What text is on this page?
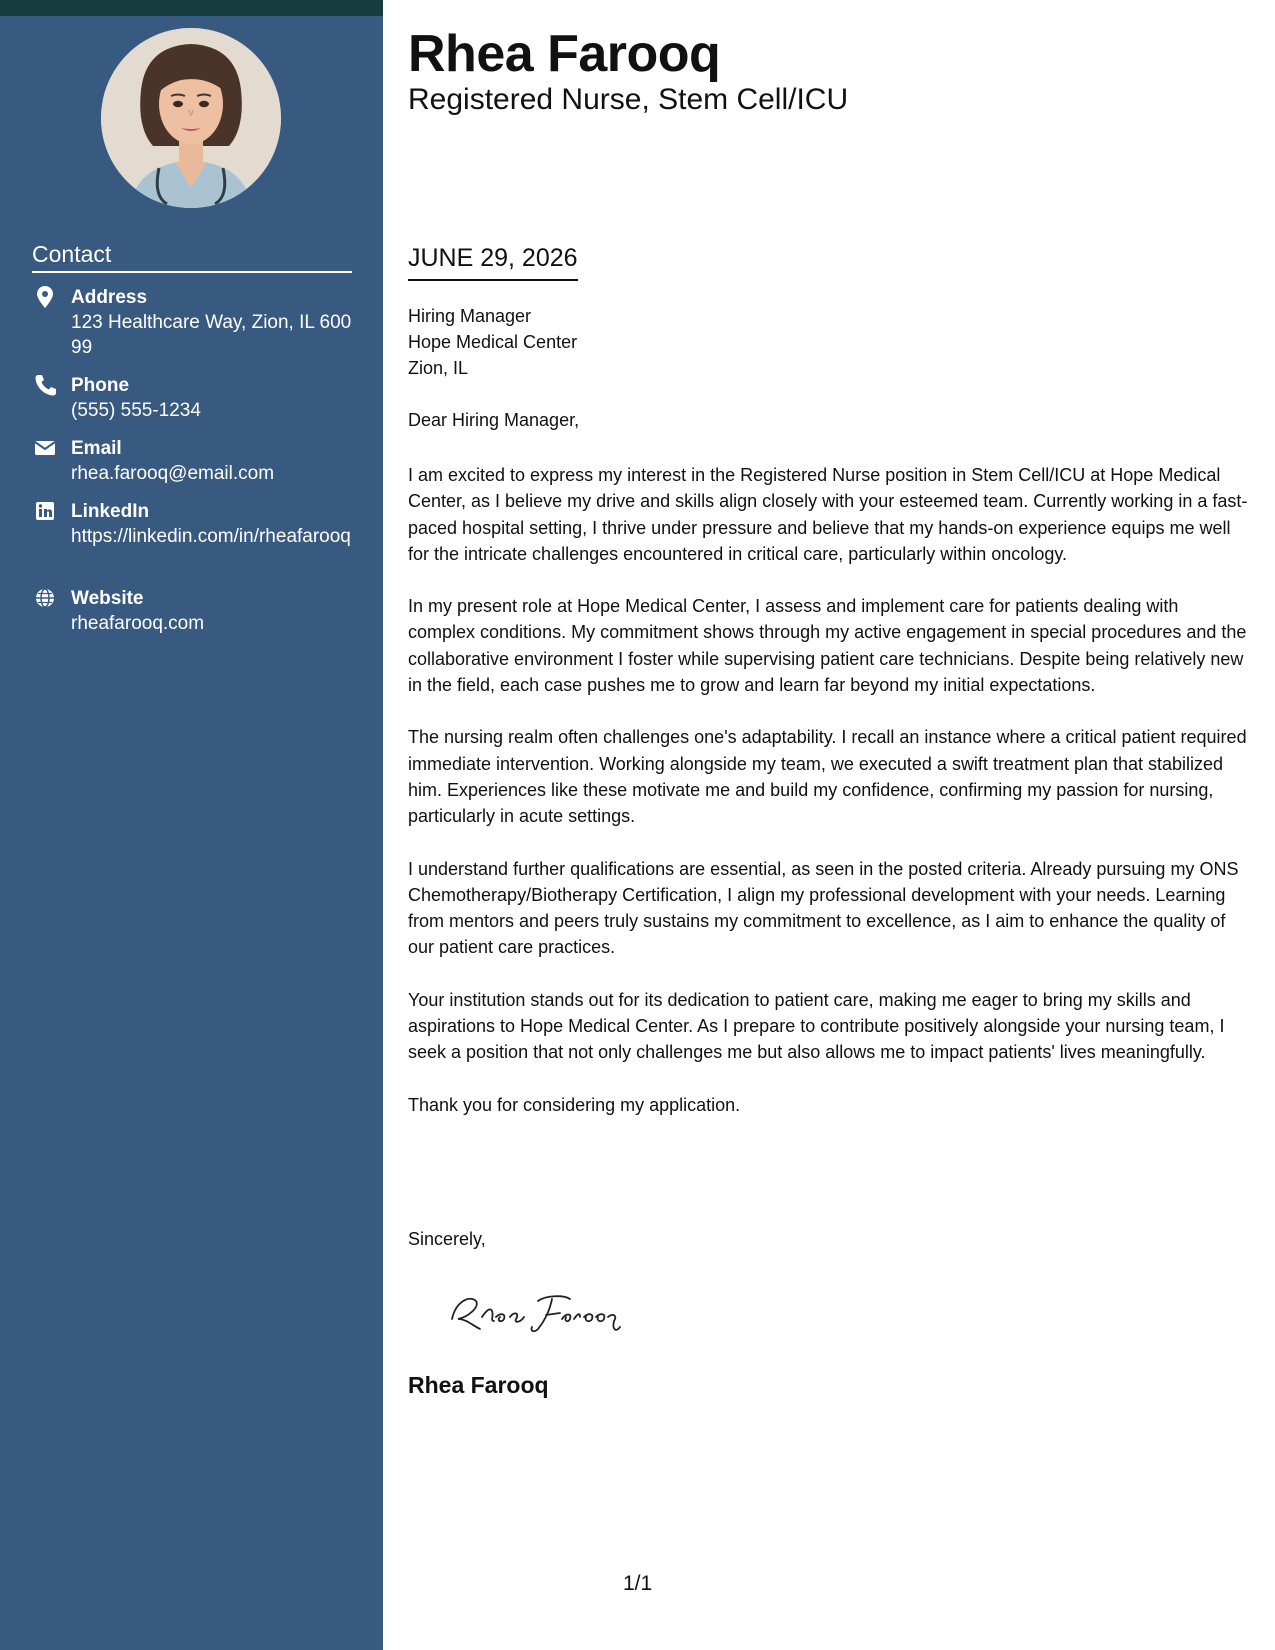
Contact
Address
123 Healthcare Way, Zion, IL 60099
Phone
(555) 555-1234
Email
rhea.farooq@email.com
LinkedIn
https://linkedin.com/in/rheafarooq
Website
rheafarooq.com
Rhea Farooq
Registered Nurse, Stem Cell/ICU
JUNE 29, 2026
Hiring Manager
Hope Medical Center
Zion, IL
Dear Hiring Manager,

I am excited to express my interest in the Registered Nurse position in Stem Cell/ICU at Hope Medical Center, as I believe my drive and skills align closely with your esteemed team. Currently working in a fast-paced hospital setting, I thrive under pressure and believe that my hands-on experience equips me well for the intricate challenges encountered in critical care, particularly within oncology.

In my present role at Hope Medical Center, I assess and implement care for patients dealing with complex conditions. My commitment shows through my active engagement in special procedures and the collaborative environment I foster while supervising patient care technicians. Despite being relatively new in the field, each case pushes me to grow and learn far beyond my initial expectations.

The nursing realm often challenges one's adaptability. I recall an instance where a critical patient required immediate intervention. Working alongside my team, we executed a swift treatment plan that stabilized him. Experiences like these motivate me and build my confidence, confirming my passion for nursing, particularly in acute settings.

I understand further qualifications are essential, as seen in the posted criteria. Already pursuing my ONS Chemotherapy/Biotherapy Certification, I align my professional development with your needs. Learning from mentors and peers truly sustains my commitment to excellence, as I aim to enhance the quality of our patient care practices.

Your institution stands out for its dedication to patient care, making me eager to bring my skills and aspirations to Hope Medical Center. As I prepare to contribute positively alongside your nursing team, I seek a position that not only challenges me but also allows me to impact patients' lives meaningfully.

Thank you for considering my application.

Sincerely,
Rhea Farooq
1/1
